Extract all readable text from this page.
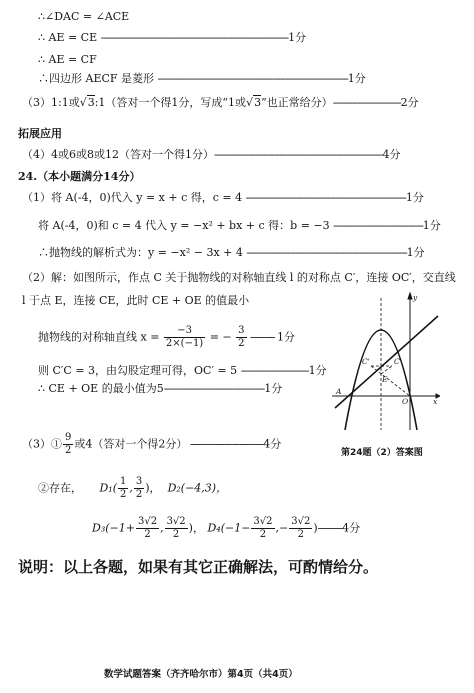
∴∠DAC = ∠ACE
∴ AE = CE ---------------------------------------------------------------------1分
∴ AE = CF
∴四边形 AECF 是菱形 ----------------------------------------------------------------------1分
（3）1:1或√3:1（答对一个得1分，写成“1或√3”也正常给分）-------------------------2分
拓展应用
（4）4或6或8或12（答对一个得1分）--------------------------------------------------------------4分
24.（本小题满分14分）
（1）将 A(-4，0)代入 y = x + c 得，c = 4 -----------------------------------------------------------1分
将 A(-4，0)和 c = 4 代入 y = −x² + bx + c 得：b = −3 ---------------------------------1分
∴抛物线的解析式为：y = −x² − 3x + 4 -----------------------------------------------------------1分
（2）解：如图所示，作点 C 关于抛物线的对称轴直线 l 的对称点 C′，连接 OC′，交直线
l 于点 E，连接 CE，此时 CE + OE 的值最小
抛物线的对称轴直线 $x = \frac{-3}{2\times(-1)}$ = − $\frac{3}{2}$ --------- 1分
则 C′C = 3，由勾股定理可得，OC′ = 5 -------------------------1分
∴ CE + OE 的最小值为5-------------------------------------1分
y
C
C'
E
A
O	x
第24题（2）答案图
（3）① $\frac{9}{2}$ 或4（答对一个得2分） ---------------------------4分
②存在， $D_1( \frac{1}{2}$ , $\frac{3}{2}$ )， D₂(−4,3)，
$D_3(-1+ \frac{3√2}{2}$ , $\frac{3√2}{2}$ )， $D_4(-1- \frac{3√2}{2}$ ,− $\frac{3√2}{2} )---------4$分
说明：以上各题，如果有其它正确解法，可酌情给分。
数学试题答案（齐齐哈尔市）第4页（共4页）
